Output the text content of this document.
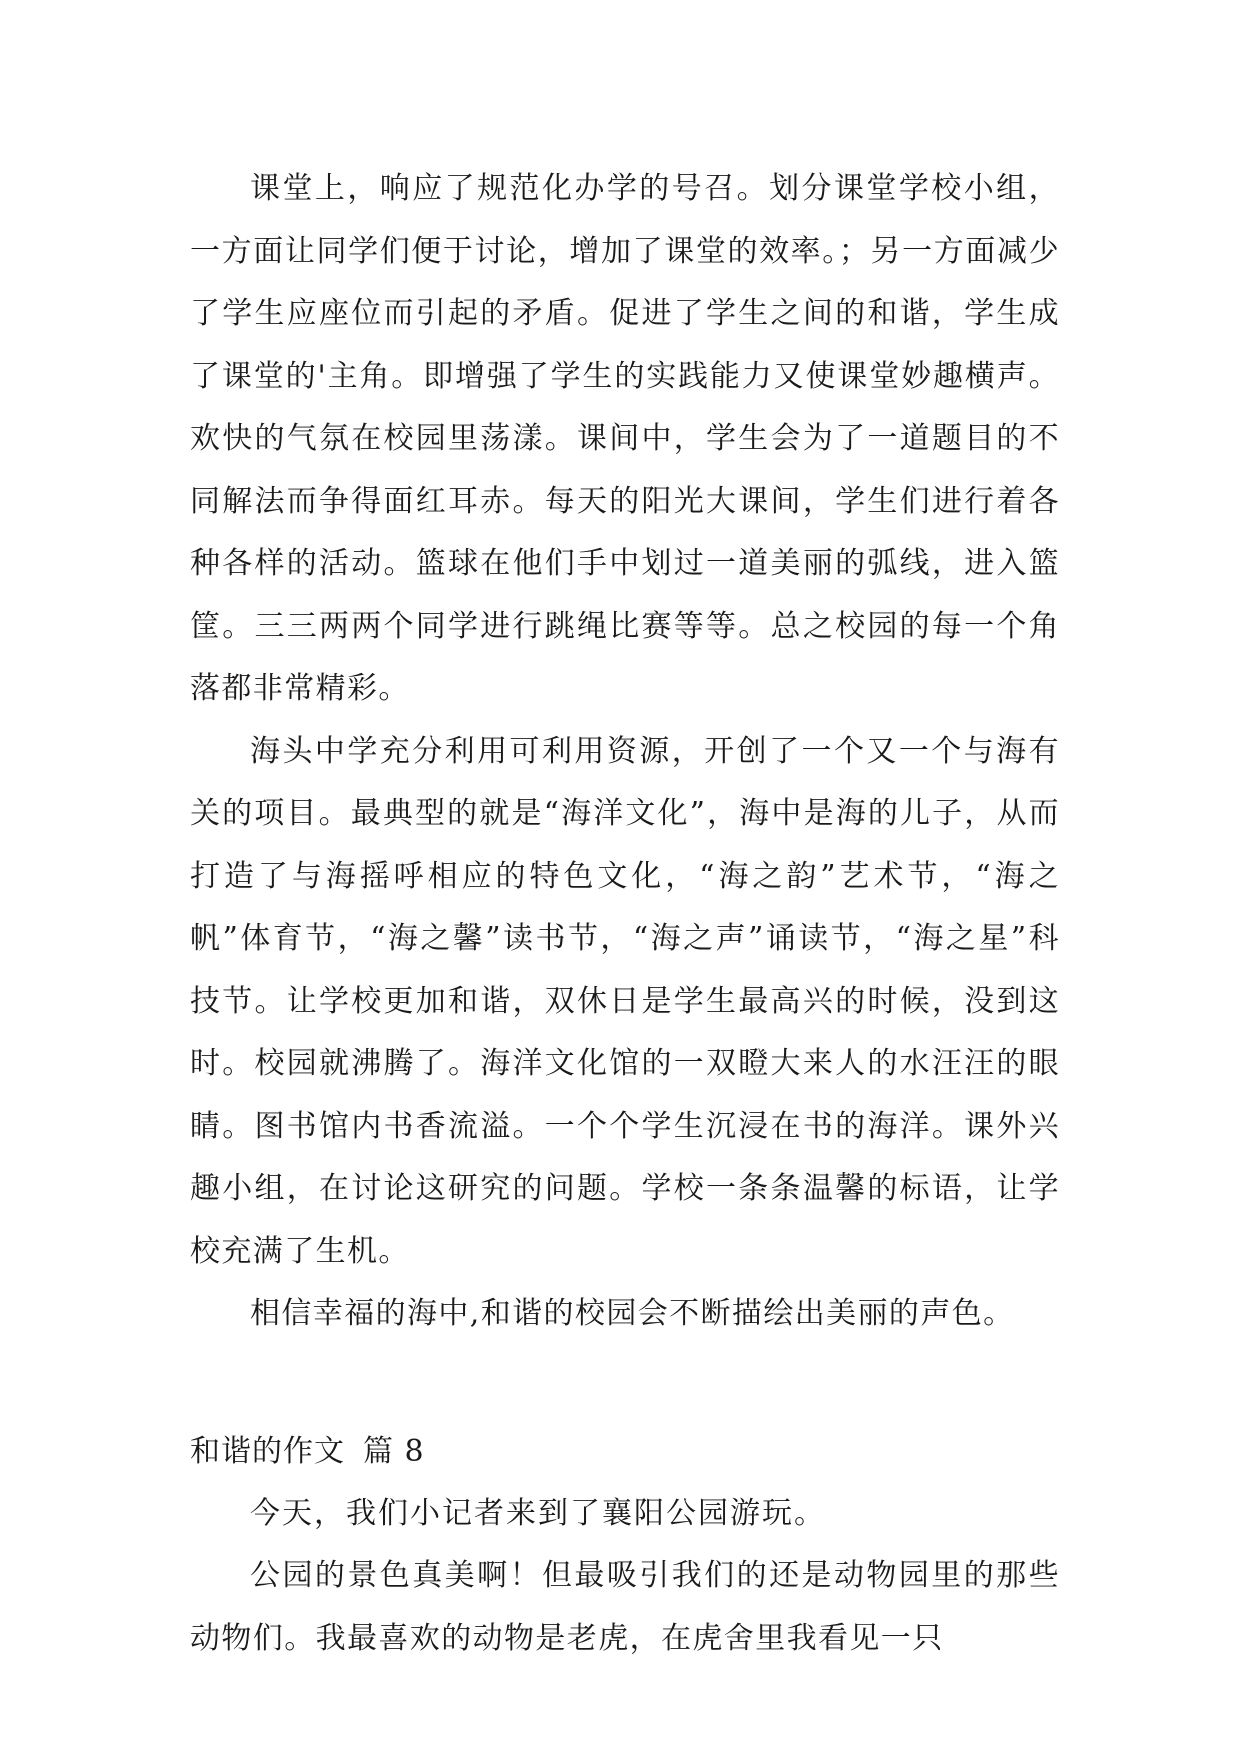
课堂上，响应了规范化办学的号召。划分课堂学校小组，一方面让同学们便于讨论，增加了课堂的效率。；另一方面减少了学生应座位而引起的矛盾。促进了学生之间的和谐，学生成了课堂的'主角。即增强了学生的实践能力又使课堂妙趣横声。欢快的气氛在校园里荡漾。课间中，学生会为了一道题目的不同解法而争得面红耳赤。每天的阳光大课间，学生们进行着各种各样的活动。篮球在他们手中划过一道美丽的弧线，进入篮筐。三三两两个同学进行跳绳比赛等等。总之校园的每一个角落都非常精彩。

海头中学充分利用可利用资源，开创了一个又一个与海有关的项目。最典型的就是“海洋文化”，海中是海的儿子，从而打造了与海摇呼相应的特色文化，“海之韵”艺术节，“海之帆”体育节，“海之馨”读书节，“海之声”诵读节，“海之星”科技节。让学校更加和谐，双休日是学生最高兴的时候，没到这时。校园就沸腾了。海洋文化馆的一双瞪大来人的水汪汪的眼睛。图书馆内书香流溢。一个个学生沉浸在书的海洋。课外兴趣小组，在讨论这研究的问题。学校一条条温馨的标语，让学校充满了生机。

相信幸福的海中,和谐的校园会不断描绘出美丽的声色。

和谐的作文 篇 8

今天，我们小记者来到了襄阳公园游玩。

公园的景色真美啊！但最吸引我们的还是动物园里的那些动物们。我最喜欢的动物是老虎，在虎舍里我看见一只
